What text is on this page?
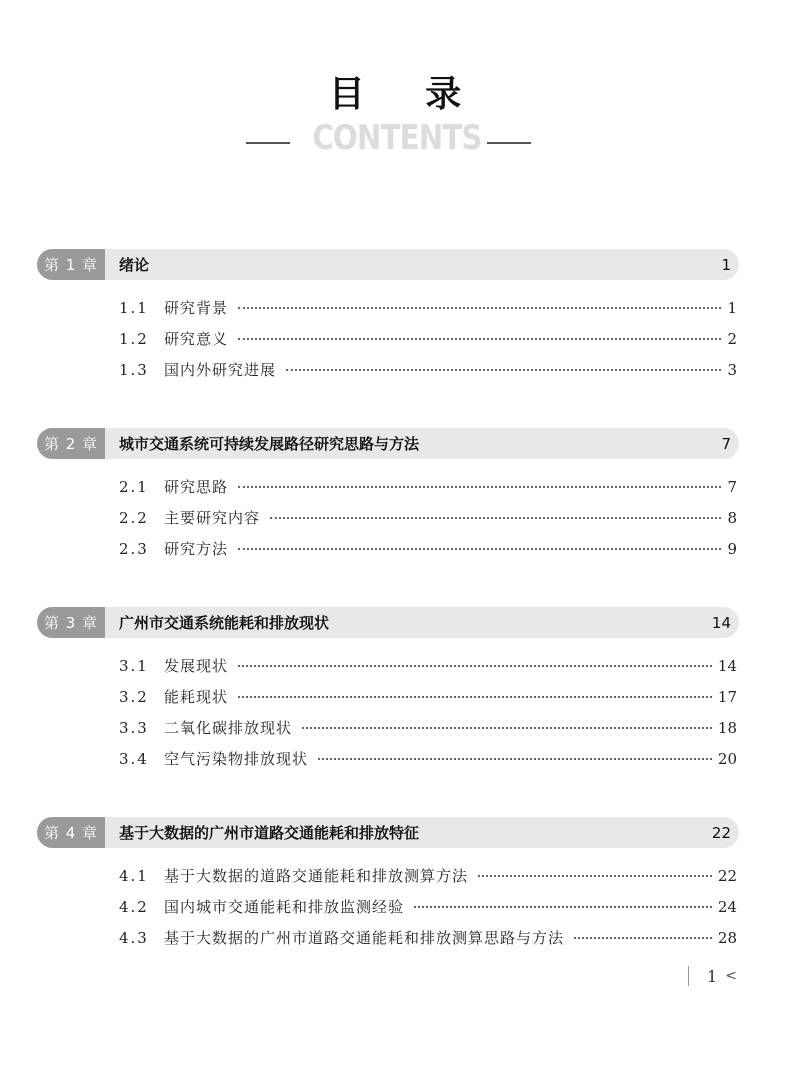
目 录
CONTENTS
第 1 章	绪论	1
1.1	研究背景	1
1.2	研究意义	2
1.3	国内外研究进展	3
第 2 章	城市交通系统可持续发展路径研究思路与方法	7
2.1	研究思路	7
2.2	主要研究内容	8
2.3	研究方法	9
第 3 章	广州市交通系统能耗和排放现状	14
3.1	发展现状	14
3.2	能耗现状	17
3.3	二氧化碳排放现状	18
3.4	空气污染物排放现状	20
第 4 章	基于大数据的广州市道路交通能耗和排放特征	22
4.1	基于大数据的道路交通能耗和排放测算方法	22
4.2	国内城市交通能耗和排放监测经验	24
4.3	基于大数据的广州市道路交通能耗和排放测算思路与方法	28
1 <
